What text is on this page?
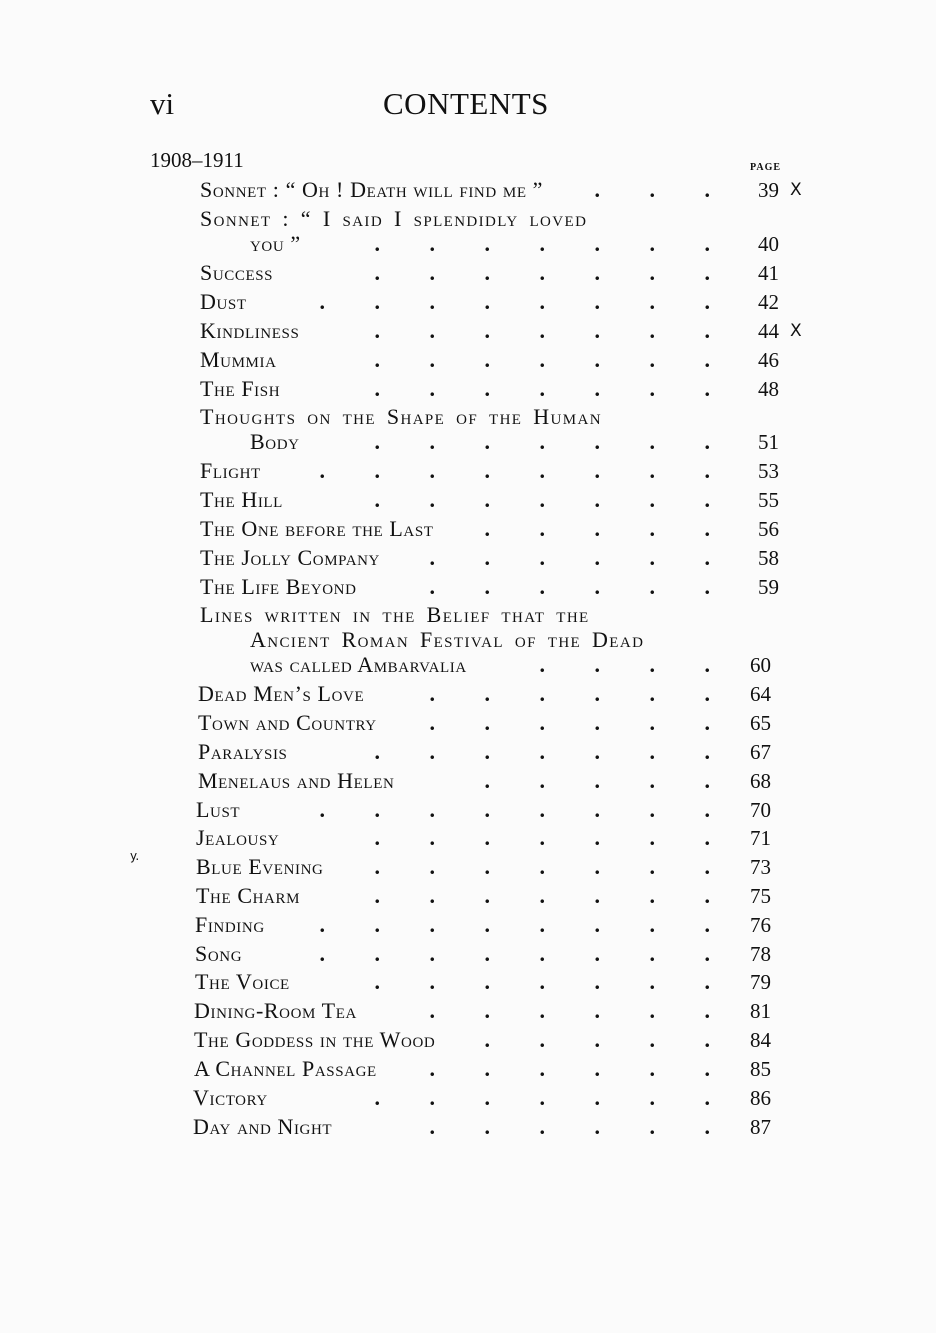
vi	CONTENTS
1908–1911	PAGE
y.
Sonnet : “ Oh ! Death will find me ”	.   .   . 39 X
Sonnet : “ I said I splendidly loved
you ”	.   .   .   .   .   .   . 40
Success	.   .   .   .   .   .   . 41
Dust	.   .   .   .   .   .   .   . 42
Kindliness	.   .   .   .   .   .   . 44 X
Mummia	.   .   .   .   .   .   . 46
The Fish	.   .   .   .   .   .   . 48
Thoughts on the Shape of the Human
Body	.   .   .   .   .   .   . 51
Flight	.   .   .   .   .   .   .   . 53
The Hill	.   .   .   .   .   .   . 55
The One before the Last	.   .   .   .   . 56
The Jolly Company	.   .   .   .   .   . 58
The Life Beyond	.   .   .   .   .   . 59
Lines written in the Belief that the
Ancient Roman Festival of the Dead
was called Ambarvalia	.   .   .   . 60
Dead Men’s Love	.   .   .   .   .   . 64
Town and Country	.   .   .   .   .   . 65
Paralysis	.   .   .   .   .   .   . 67
Menelaus and Helen	.   .   .   .   . 68
Lust	.   .   .   .   .   .   .   . 70
Jealousy	.   .   .   .   .   .   . 71
Blue Evening	.   .   .   .   .   .   . 73
The Charm	.   .   .   .   .   .   . 75
Finding	.   .   .   .   .   .   .   . 76
Song	.   .   .   .   .   .   .   . 78
The Voice	.   .   .   .   .   .   . 79
Dining-Room Tea	.   .   .   .   .   . 81
The Goddess in the Wood	.   .   .   .   . 84
A Channel Passage	.   .   .   .   .   . 85
Victory	.   .   .   .   .   .   . 86
Day and Night	.   .   .   .   .   . 87
